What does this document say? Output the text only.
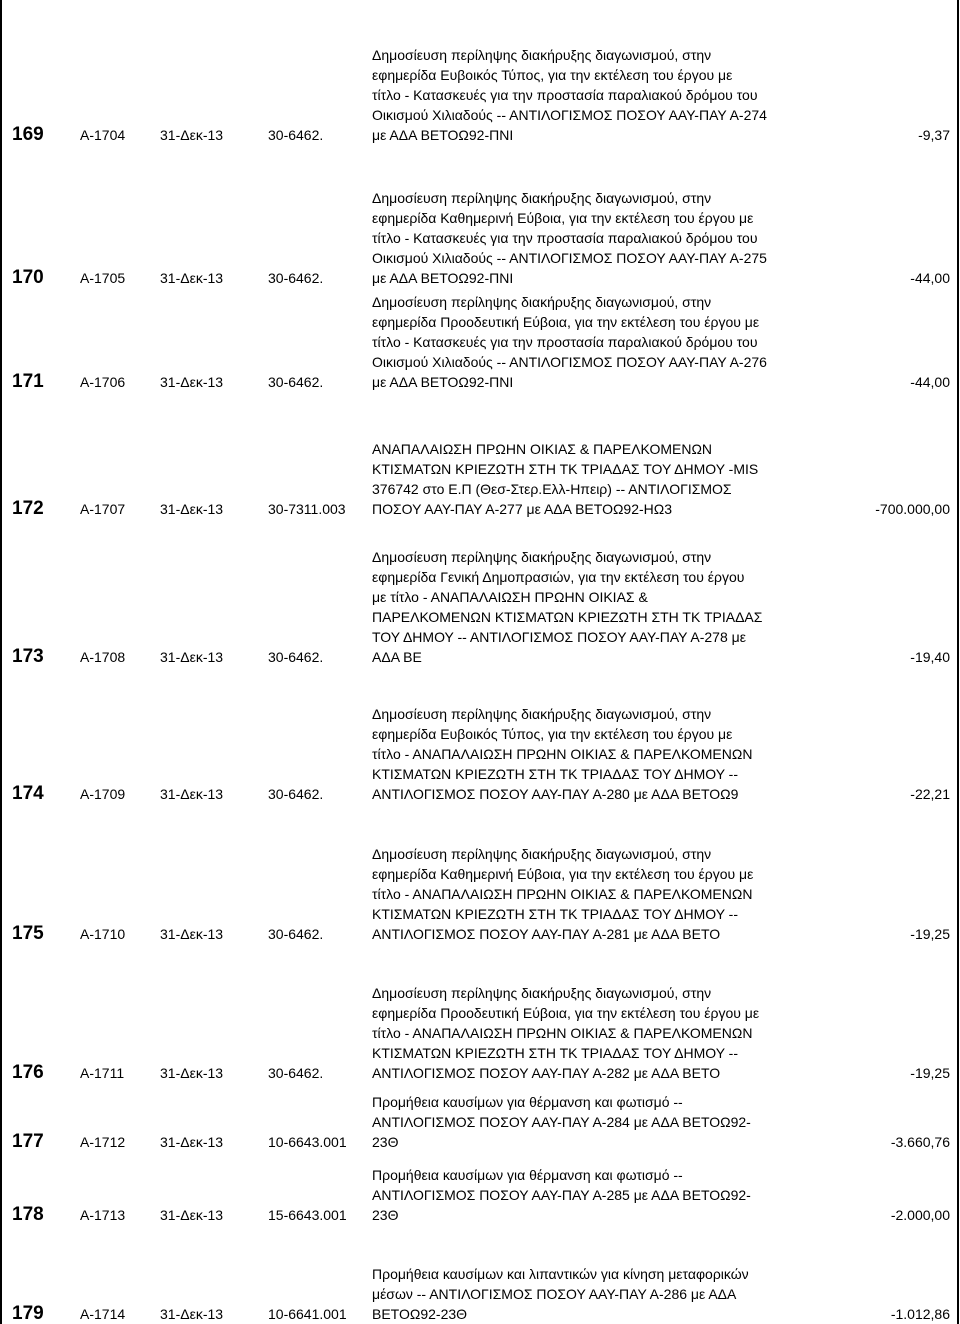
169	Α-1704 31-Δεκ-13	30-6462.
Δημοσίευση περίληψης διακήρυξης διαγωνισμού, στην
εφημερίδα Ευβοικός Τύπος, για την εκτέλεση του έργου με
τίτλο - Κατασκευές για την προστασία παραλιακού δρόμου του
Οικισμού Χιλιαδούς -- ΑΝΤΙΛΟΓΙΣΜΟΣ ΠΟΣΟΥ ΑΑΥ-ΠΑΥ Α-274
με ΑΔΑ ΒΕΤΟΩ92-ΠΝΙ	-9,37
170	Α-1705 31-Δεκ-13	30-6462.
Δημοσίευση περίληψης διακήρυξης διαγωνισμού, στην
εφημερίδα Καθημερινή Εύβοια, για την εκτέλεση του έργου με
τίτλο - Κατασκευές για την προστασία παραλιακού δρόμου του
Οικισμού Χιλιαδούς -- ΑΝΤΙΛΟΓΙΣΜΟΣ ΠΟΣΟΥ ΑΑΥ-ΠΑΥ Α-275
με ΑΔΑ ΒΕΤΟΩ92-ΠΝΙ	-44,00
171	Α-1706 31-Δεκ-13	30-6462.
Δημοσίευση περίληψης διακήρυξης διαγωνισμού, στην
εφημερίδα Προοδευτική Εύβοια, για την εκτέλεση του έργου με
τίτλο - Κατασκευές για την προστασία παραλιακού δρόμου του
Οικισμού Χιλιαδούς -- ΑΝΤΙΛΟΓΙΣΜΟΣ ΠΟΣΟΥ ΑΑΥ-ΠΑΥ Α-276
με ΑΔΑ ΒΕΤΟΩ92-ΠΝΙ	-44,00
172	Α-1707 31-Δεκ-13	30-7311.003
ΑΝΑΠΑΛΑΙΩΣΗ ΠΡΩΗΝ ΟΙΚΙΑΣ & ΠΑΡΕΛΚΟΜΕΝΩΝ
ΚΤΙΣΜΑΤΩΝ ΚΡΙΕΖΩΤΗ ΣΤΗ ΤΚ ΤΡΙΑΔΑΣ ΤΟΥ ΔΗΜΟΥ -MIS
376742 στο Ε.Π (Θεσ-Στερ.Ελλ-Ηπειρ) -- ΑΝΤΙΛΟΓΙΣΜΟΣ
ΠΟΣΟΥ ΑΑΥ-ΠΑΥ Α-277 με ΑΔΑ ΒΕΤΟΩ92-ΗΩ3	-700.000,00
173	Α-1708 31-Δεκ-13	30-6462.
Δημοσίευση περίληψης διακήρυξης διαγωνισμού, στην
εφημερίδα Γενική Δημοπρασιών, για την εκτέλεση του έργου
με τίτλο - ΑΝΑΠΑΛΑΙΩΣΗ ΠΡΩΗΝ ΟΙΚΙΑΣ &
ΠΑΡΕΛΚΟΜΕΝΩΝ ΚΤΙΣΜΑΤΩΝ ΚΡΙΕΖΩΤΗ ΣΤΗ ΤΚ ΤΡΙΑΔΑΣ
ΤΟΥ ΔΗΜΟΥ -- ΑΝΤΙΛΟΓΙΣΜΟΣ ΠΟΣΟΥ ΑΑΥ-ΠΑΥ Α-278 με
ΑΔΑ ΒΕ	-19,40
174	Α-1709 31-Δεκ-13	30-6462.
Δημοσίευση περίληψης διακήρυξης διαγωνισμού, στην
εφημερίδα Ευβοικός Τύπος, για την εκτέλεση του έργου με
τίτλο - ΑΝΑΠΑΛΑΙΩΣΗ ΠΡΩΗΝ ΟΙΚΙΑΣ & ΠΑΡΕΛΚΟΜΕΝΩΝ
ΚΤΙΣΜΑΤΩΝ ΚΡΙΕΖΩΤΗ ΣΤΗ ΤΚ ΤΡΙΑΔΑΣ ΤΟΥ ΔΗΜΟΥ --
ΑΝΤΙΛΟΓΙΣΜΟΣ ΠΟΣΟΥ ΑΑΥ-ΠΑΥ Α-280 με ΑΔΑ ΒΕΤΟΩ9	-22,21
175	Α-1710 31-Δεκ-13	30-6462.
Δημοσίευση περίληψης διακήρυξης διαγωνισμού, στην
εφημερίδα Καθημερινή Εύβοια, για την εκτέλεση του έργου με
τίτλο - ΑΝΑΠΑΛΑΙΩΣΗ ΠΡΩΗΝ ΟΙΚΙΑΣ & ΠΑΡΕΛΚΟΜΕΝΩΝ
ΚΤΙΣΜΑΤΩΝ ΚΡΙΕΖΩΤΗ ΣΤΗ ΤΚ ΤΡΙΑΔΑΣ ΤΟΥ ΔΗΜΟΥ --
ΑΝΤΙΛΟΓΙΣΜΟΣ ΠΟΣΟΥ ΑΑΥ-ΠΑΥ Α-281 με ΑΔΑ ΒΕΤΟ	-19,25
176	Α-1711	31-Δεκ-13	30-6462.
Δημοσίευση περίληψης διακήρυξης διαγωνισμού, στην
εφημερίδα Προοδευτική Εύβοια, για την εκτέλεση του έργου με
τίτλο - ΑΝΑΠΑΛΑΙΩΣΗ ΠΡΩΗΝ ΟΙΚΙΑΣ & ΠΑΡΕΛΚΟΜΕΝΩΝ
ΚΤΙΣΜΑΤΩΝ ΚΡΙΕΖΩΤΗ ΣΤΗ ΤΚ ΤΡΙΑΔΑΣ ΤΟΥ ΔΗΜΟΥ --
ΑΝΤΙΛΟΓΙΣΜΟΣ ΠΟΣΟΥ ΑΑΥ-ΠΑΥ Α-282 με ΑΔΑ ΒΕΤΟ	-19,25
177	Α-1712 31-Δεκ-13	10-6643.001
Προμήθεια καυσίμων για θέρμανση και φωτισμό --
ΑΝΤΙΛΟΓΙΣΜΟΣ ΠΟΣΟΥ ΑΑΥ-ΠΑΥ Α-284 με ΑΔΑ ΒΕΤΟΩ92-
23Θ	-3.660,76
178	Α-1713 31-Δεκ-13	15-6643.001
Προμήθεια καυσίμων για θέρμανση και φωτισμό --
ΑΝΤΙΛΟΓΙΣΜΟΣ ΠΟΣΟΥ ΑΑΥ-ΠΑΥ Α-285 με ΑΔΑ ΒΕΤΟΩ92-
23Θ	-2.000,00
179	Α-1714 31-Δεκ-13	10-6641.001
Προμήθεια καυσίμων και λιπαντικών για κίνηση μεταφορικών
μέσων -- ΑΝΤΙΛΟΓΙΣΜΟΣ ΠΟΣΟΥ ΑΑΥ-ΠΑΥ Α-286 με ΑΔΑ
ΒΕΤΟΩ92-23Θ	-1.012,86
